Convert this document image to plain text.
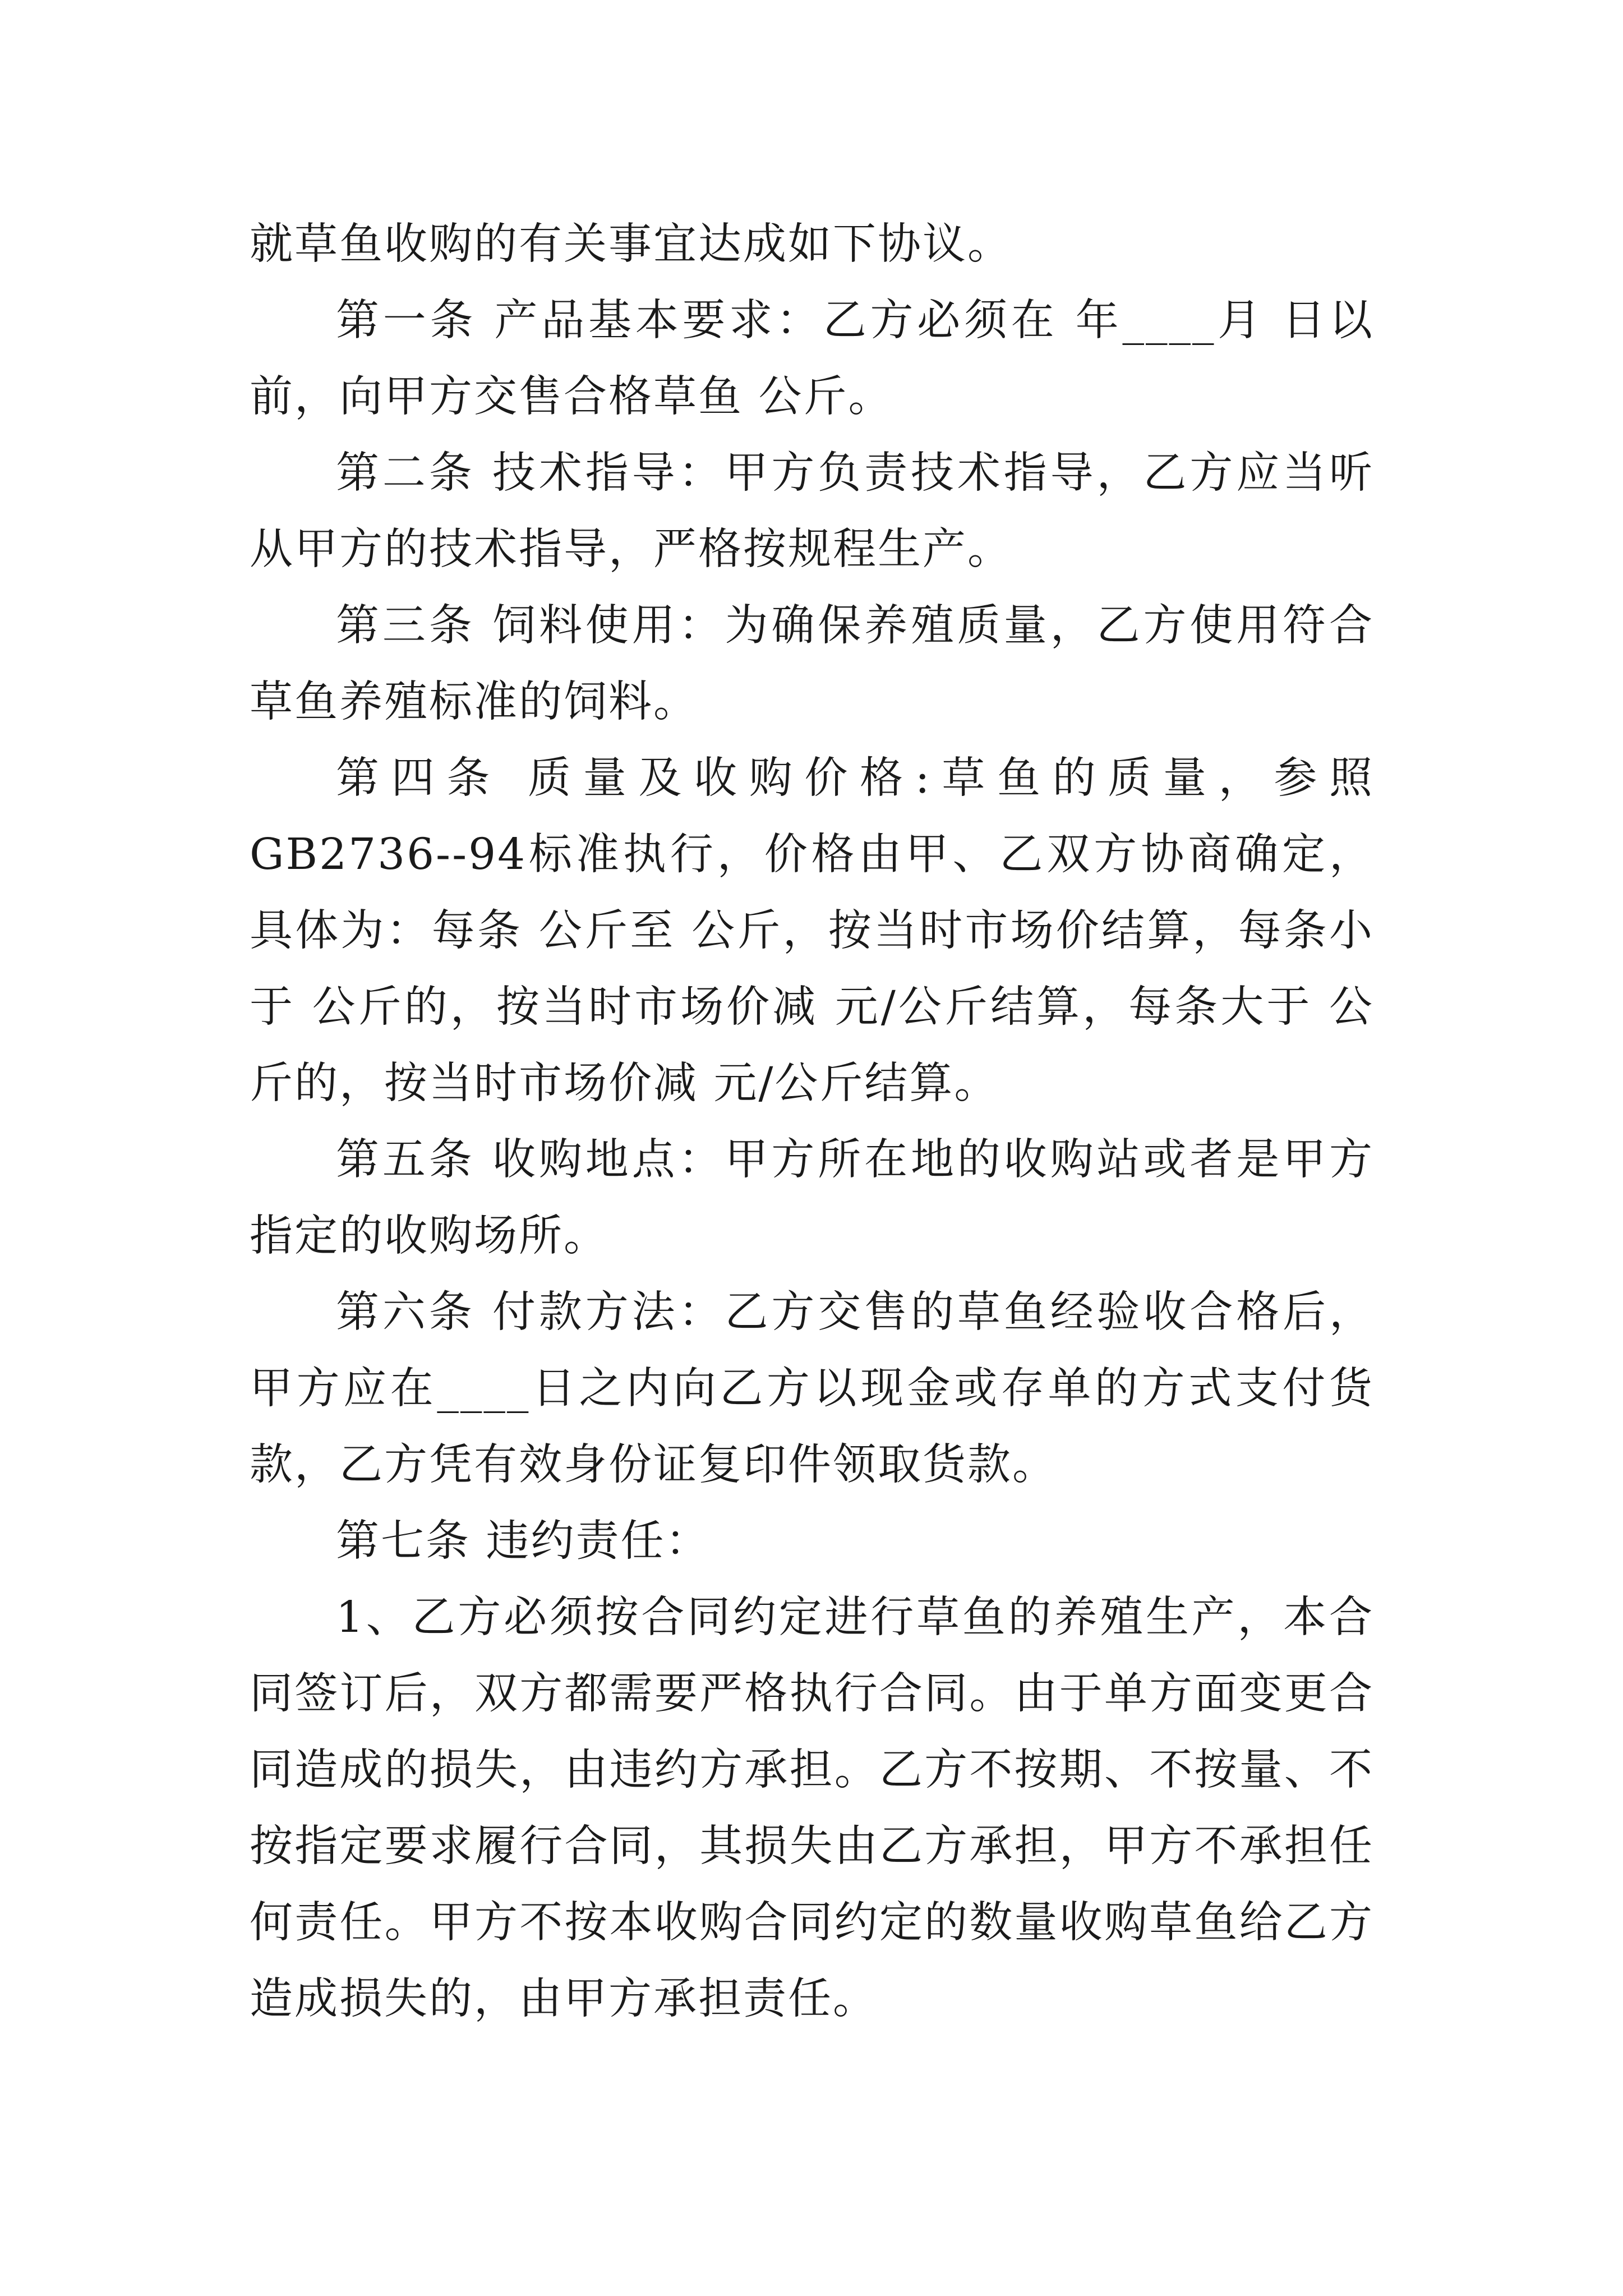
就草鱼收购的有关事宜达成如下协议。

第一条 产品基本要求：乙方必须在 年____月 日以前，向甲方交售合格草鱼 公斤。

第二条 技术指导：甲方负责技术指导，乙方应当听从甲方的技术指导，严格按规程生产。

第三条 饲料使用：为确保养殖质量，乙方使用符合草鱼养殖标准的饲料。

第四条 质量及收购价格:草鱼的质量，参照GB2736--94标准执行，价格由甲、乙双方协商确定，具体为：每条 公斤至 公斤，按当时市场价结算，每条小于 公斤的，按当时市场价减 元/公斤结算，每条大于 公斤的，按当时市场价减 元/公斤结算。

第五条 收购地点：甲方所在地的收购站或者是甲方指定的收购场所。

第六条 付款方法：乙方交售的草鱼经验收合格后，甲方应在____日之内向乙方以现金或存单的方式支付货款，乙方凭有效身份证复印件领取货款。

第七条 违约责任：

1、乙方必须按合同约定进行草鱼的养殖生产，本合同签订后，双方都需要严格执行合同。由于单方面变更合同造成的损失，由违约方承担。乙方不按期、不按量、不按指定要求履行合同，其损失由乙方承担，甲方不承担任何责任。甲方不按本收购合同约定的数量收购草鱼给乙方造成损失的，由甲方承担责任。
